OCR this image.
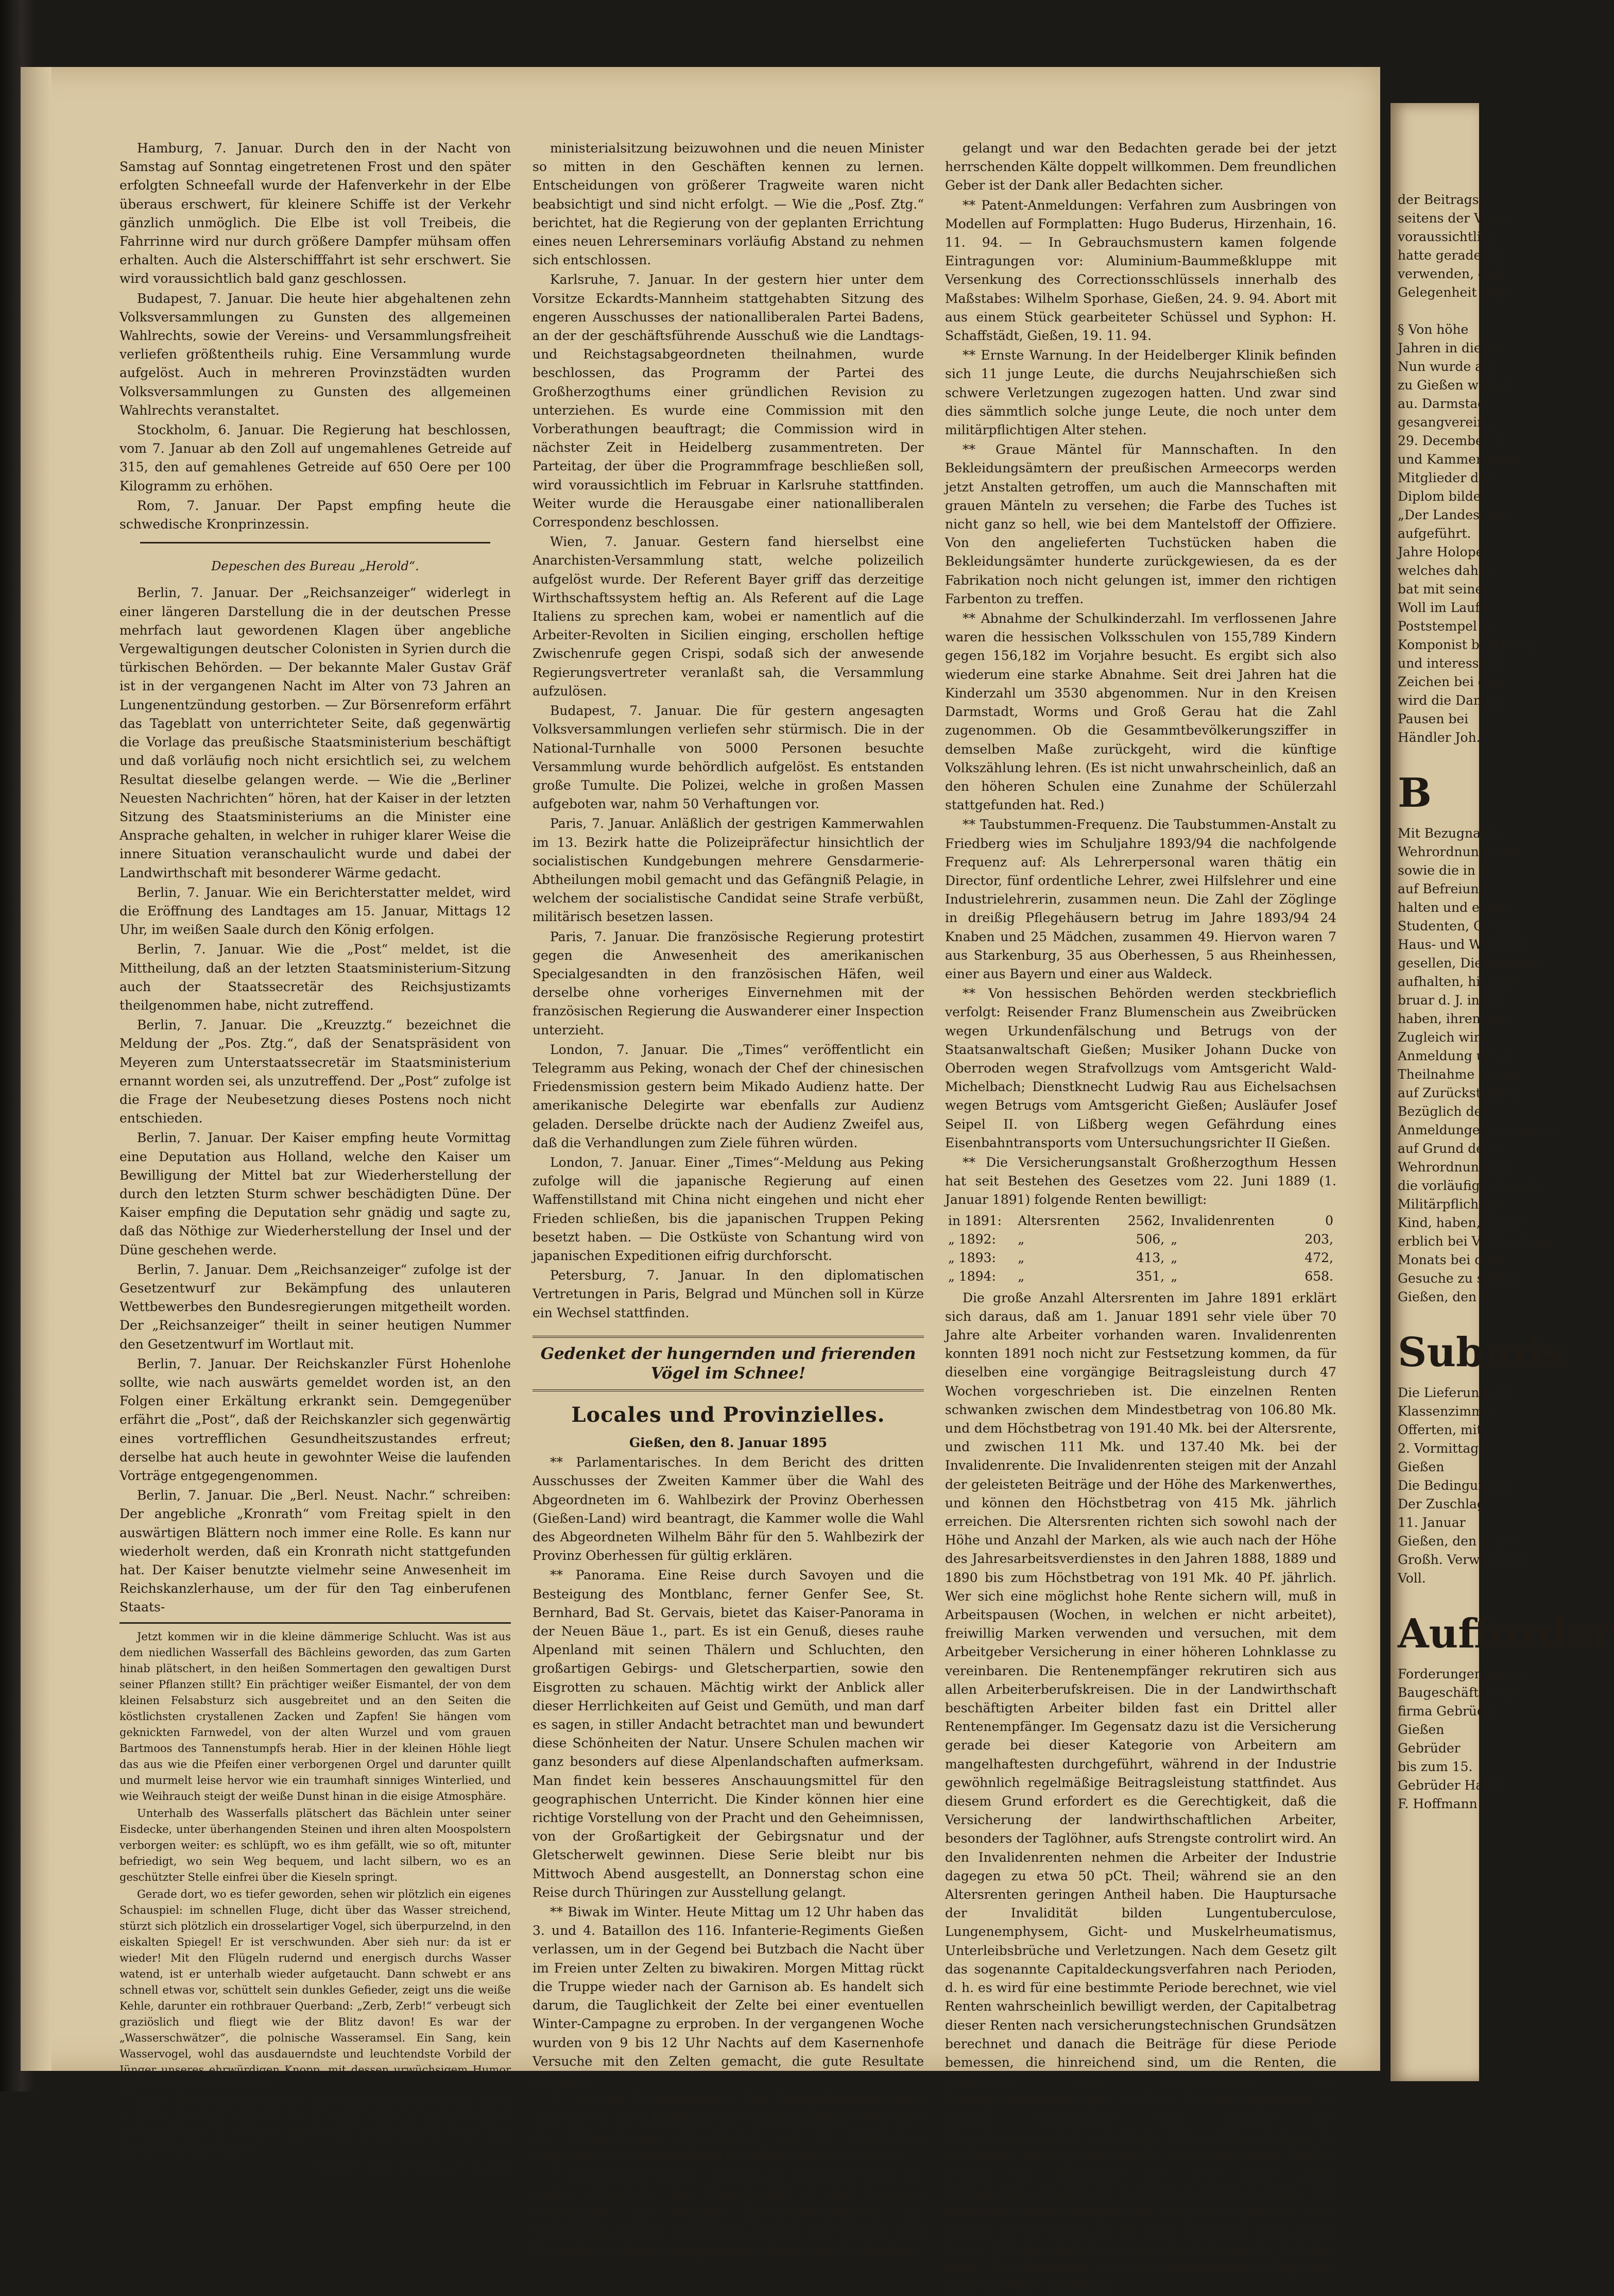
Hamburg, 7. Januar. Durch den in der Nacht von Samstag auf Sonntag eingetretenen Frost und den später erfolgten Schneefall wurde der Hafenverkehr in der Elbe überaus erschwert, für kleinere Schiffe ist der Verkehr gänzlich unmöglich. Die Elbe ist voll Treibeis, die Fahrrinne wird nur durch größere Dampfer mühsam offen erhalten. Auch die Alsterschifffahrt ist sehr erschwert. Sie wird voraussichtlich bald ganz geschlossen.

Budapest, 7. Januar. Die heute hier abgehaltenen zehn Volksversammlungen zu Gunsten des allgemeinen Wahlrechts, sowie der Vereins- und Versammlungsfreiheit verliefen größtentheils ruhig. Eine Versammlung wurde aufgelöst. Auch in mehreren Provinzstädten wurden Volksversammlungen zu Gunsten des allgemeinen Wahlrechts veranstaltet.

Stockholm, 6. Januar. Die Regierung hat beschlossen, vom 7. Januar ab den Zoll auf ungemahlenes Getreide auf 315, den auf gemahlenes Getreide auf 650 Oere per 100 Kilogramm zu erhöhen.

Rom, 7. Januar. Der Papst empfing heute die schwedische Kronprinzessin.

Depeschen des Bureau „Herold“.

Berlin, 7. Januar. Der „Reichsanzeiger“ widerlegt in einer längeren Darstellung die in der deutschen Presse mehrfach laut gewordenen Klagen über angebliche Vergewaltigungen deutscher Colonisten in Syrien durch die türkischen Behörden. — Der bekannte Maler Gustav Gräf ist in der vergangenen Nacht im Alter von 73 Jahren an Lungenentzündung gestorben. — Zur Börsenreform erfährt das Tageblatt von unterrichteter Seite, daß gegenwärtig die Vorlage das preußische Staatsministerium beschäftigt und daß vorläufig noch nicht ersichtlich sei, zu welchem Resultat dieselbe gelangen werde. — Wie die „Berliner Neuesten Nachrichten“ hören, hat der Kaiser in der letzten Sitzung des Staatsministeriums an die Minister eine Ansprache gehalten, in welcher in ruhiger klarer Weise die innere Situation veranschaulicht wurde und dabei der Landwirthschaft mit besonderer Wärme gedacht.

Berlin, 7. Januar. Wie ein Berichterstatter meldet, wird die Eröffnung des Landtages am 15. Januar, Mittags 12 Uhr, im weißen Saale durch den König erfolgen.

Berlin, 7. Januar. Wie die „Post“ meldet, ist die Mittheilung, daß an der letzten Staatsministerium-Sitzung auch der Staatssecretär des Reichsjustizamts theilgenommen habe, nicht zutreffend.

Berlin, 7. Januar. Die „Kreuzztg.“ bezeichnet die Meldung der „Pos. Ztg.“, daß der Senatspräsident von Meyeren zum Unterstaatssecretär im Staatsministerium ernannt worden sei, als unzutreffend. Der „Post“ zufolge ist die Frage der Neubesetzung dieses Postens noch nicht entschieden.

Berlin, 7. Januar. Der Kaiser empfing heute Vormittag eine Deputation aus Holland, welche den Kaiser um Bewilligung der Mittel bat zur Wiederherstellung der durch den letzten Sturm schwer beschädigten Düne. Der Kaiser empfing die Deputation sehr gnädig und sagte zu, daß das Nöthige zur Wiederherstellung der Insel und der Düne geschehen werde.

Berlin, 7. Januar. Dem „Reichsanzeiger“ zufolge ist der Gesetzentwurf zur Bekämpfung des unlauteren Wettbewerbes den Bundesregierungen mitgetheilt worden. Der „Reichsanzeiger“ theilt in seiner heutigen Nummer den Gesetzentwurf im Wortlaut mit.

Berlin, 7. Januar. Der Reichskanzler Fürst Hohenlohe sollte, wie nach auswärts gemeldet worden ist, an den Folgen einer Erkältung erkrankt sein. Demgegenüber erfährt die „Post“, daß der Reichskanzler sich gegenwärtig eines vortrefflichen Gesundheitszustandes erfreut; derselbe hat auch heute in gewohnter Weise die laufenden Vorträge entgegengenommen.

Berlin, 7. Januar. Die „Berl. Neust. Nachr.“ schreiben: Der angebliche „Kronrath“ vom Freitag spielt in den auswärtigen Blättern noch immer eine Rolle. Es kann nur wiederholt werden, daß ein Kronrath nicht stattgefunden hat. Der Kaiser benutzte vielmehr seine Anwesenheit im Reichskanzlerhause, um der für den Tag einberufenen Staats-

Jetzt kommen wir in die kleine dämmerige Schlucht. Was ist aus dem niedlichen Wasserfall des Bächleins geworden, das zum Garten hinab plätschert, in den heißen Sommertagen den gewaltigen Durst seiner Pflanzen stillt? Ein prächtiger weißer Eismantel, der von dem kleinen Felsabsturz sich ausgebreitet und an den Seiten die köstlichsten crystallenen Zacken und Zapfen! Sie hängen vom geknickten Farnwedel, von der alten Wurzel und vom grauen Bartmoos des Tannenstumpfs herab. Hier in der kleinen Höhle liegt das aus wie die Pfeifen einer verborgenen Orgel und darunter quillt und murmelt leise hervor wie ein traumhaft sinniges Winterlied, und wie Weihrauch steigt der weiße Dunst hinan in die eisige Atmosphäre.

Unterhalb des Wasserfalls plätschert das Bächlein unter seiner Eisdecke, unter überhangenden Steinen und ihren alten Moospolstern verborgen weiter: es schlüpft, wo es ihm gefällt, wie so oft, mitunter befriedigt, wo sein Weg bequem, und lacht silbern, wo es an geschützter Stelle einfrei über die Kieseln springt.

Gerade dort, wo es tiefer geworden, sehen wir plötzlich ein eigenes Schauspiel: im schnellen Fluge, dicht über das Wasser streichend, stürzt sich plötzlich ein drosselartiger Vogel, sich überpurzelnd, in den eiskalten Spiegel! Er ist verschwunden. Aber sieh nur: da ist er wieder! Mit den Flügeln rudernd und energisch durchs Wasser watend, ist er unterhalb wieder aufgetaucht. Dann schwebt er ans schnell etwas vor, schüttelt sein dunkles Gefieder, zeigt uns die weiße Kehle, darunter ein rothbrauer Querband: „Zerb, Zerb!“ verbeugt sich graziöslich und fliegt wie der Blitz davon! Es war der „Wasserschwätzer“, die polnische Wasseramsel. Ein Sang, kein Wasservogel, wohl das ausdauerndste und leuchtendste Vorbild der Jünger unseres ehrwürdigen Knopp, mit dessen urwüchsigem Humor auch er begnadet erscheint.

Bald wird die Wasseramsel uns ihr Liedchen den Bach herab in den Garten schmettern: rüstet Euch zu neuem Thun, ja neuen Freuden! Der Hartmond hat vollendet, die Herolde neuen Werdens reiten bald durch Hecke und Busch!

Heinrich Frhr. Schilling v. Canstatt.

ministerialsitzung beizuwohnen und die neuen Minister so mitten in den Geschäften kennen zu lernen. Entscheidungen von größerer Tragweite waren nicht beabsichtigt und sind nicht erfolgt. — Wie die „Posf. Ztg.“ berichtet, hat die Regierung von der geplanten Errichtung eines neuen Lehrerseminars vorläufig Abstand zu nehmen sich entschlossen.

Karlsruhe, 7. Januar. In der gestern hier unter dem Vorsitze Eckardts-Mannheim stattgehabten Sitzung des engeren Ausschusses der nationalliberalen Partei Badens, an der der geschäftsführende Ausschuß wie die Landtags- und Reichstagsabgeordneten theilnahmen, wurde beschlossen, das Programm der Partei des Großherzogthums einer gründlichen Revision zu unterziehen. Es wurde eine Commission mit den Vorberathungen beauftragt; die Commission wird in nächster Zeit in Heidelberg zusammentreten. Der Parteitag, der über die Programmfrage beschließen soll, wird voraussichtlich im Februar in Karlsruhe stattfinden. Weiter wurde die Herausgabe einer nationalliberalen Correspondenz beschlossen.

Wien, 7. Januar. Gestern fand hierselbst eine Anarchisten-Versammlung statt, welche polizeilich aufgelöst wurde. Der Referent Bayer griff das derzeitige Wirthschaftssystem heftig an. Als Referent auf die Lage Italiens zu sprechen kam, wobei er namentlich auf die Arbeiter-Revolten in Sicilien einging, erschollen heftige Zwischenrufe gegen Crispi, sodaß sich der anwesende Regierungsvertreter veranlaßt sah, die Versammlung aufzulösen.

Budapest, 7. Januar. Die für gestern angesagten Volksversammlungen verliefen sehr stürmisch. Die in der National-Turnhalle von 5000 Personen besuchte Versammlung wurde behördlich aufgelöst. Es entstanden große Tumulte. Die Polizei, welche in großen Massen aufgeboten war, nahm 50 Verhaftungen vor.

Paris, 7. Januar. Anläßlich der gestrigen Kammerwahlen im 13. Bezirk hatte die Polizeipräfectur hinsichtlich der socialistischen Kundgebungen mehrere Gensdarmerie-Abtheilungen mobil gemacht und das Gefängniß Pelagie, in welchem der socialistische Candidat seine Strafe verbüßt, militärisch besetzen lassen.

Paris, 7. Januar. Die französische Regierung protestirt gegen die Anwesenheit des amerikanischen Specialgesandten in den französischen Häfen, weil derselbe ohne vorheriges Einvernehmen mit der französischen Regierung die Auswanderer einer Inspection unterzieht.

London, 7. Januar. Die „Times“ veröffentlicht ein Telegramm aus Peking, wonach der Chef der chinesischen Friedensmission gestern beim Mikado Audienz hatte. Der amerikanische Delegirte war ebenfalls zur Audienz geladen. Derselbe drückte nach der Audienz Zweifel aus, daß die Verhandlungen zum Ziele führen würden.

London, 7. Januar. Einer „Times“-Meldung aus Peking zufolge will die japanische Regierung auf einen Waffenstillstand mit China nicht eingehen und nicht eher Frieden schließen, bis die japanischen Truppen Peking besetzt haben. — Die Ostküste von Schantung wird von japanischen Expeditionen eifrig durchforscht.

Petersburg, 7. Januar. In den diplomatischen Vertretungen in Paris, Belgrad und München soll in Kürze ein Wechsel stattfinden.

Gedenket der hungernden und frierenden Vögel im Schnee!
Locales und Provinzielles.

Gießen, den 8. Januar 1895

** Parlamentarisches. In dem Bericht des dritten Ausschusses der Zweiten Kammer über die Wahl des Abgeordneten im 6. Wahlbezirk der Provinz Oberhessen (Gießen-Land) wird beantragt, die Kammer wolle die Wahl des Abgeordneten Wilhelm Bähr für den 5. Wahlbezirk der Provinz Oberhessen für gültig erklären.

** Panorama. Eine Reise durch Savoyen und die Besteigung des Montblanc, ferner Genfer See, St. Bernhard, Bad St. Gervais, bietet das Kaiser-Panorama in der Neuen Bäue 1., part. Es ist ein Genuß, dieses rauhe Alpenland mit seinen Thälern und Schluchten, den großartigen Gebirgs- und Gletscherpartien, sowie den Eisgrotten zu schauen. Mächtig wirkt der Anblick aller dieser Herrlichkeiten auf Geist und Gemüth, und man darf es sagen, in stiller Andacht betrachtet man und bewundert diese Schönheiten der Natur. Unsere Schulen machen wir ganz besonders auf diese Alpenlandschaften aufmerksam. Man findet kein besseres Anschauungsmittel für den geographischen Unterricht. Die Kinder können hier eine richtige Vorstellung von der Pracht und den Geheimnissen, von der Großartigkeit der Gebirgsnatur und der Gletscherwelt gewinnen. Diese Serie bleibt nur bis Mittwoch Abend ausgestellt, an Donnerstag schon eine Reise durch Thüringen zur Ausstellung gelangt.

** Biwak im Winter. Heute Mittag um 12 Uhr haben das 3. und 4. Bataillon des 116. Infanterie-Regiments Gießen verlassen, um in der Gegend bei Butzbach die Nacht über im Freien unter Zelten zu biwakiren. Morgen Mittag rückt die Truppe wieder nach der Garnison ab. Es handelt sich darum, die Tauglichkeit der Zelte bei einer eventuellen Winter-Campagne zu erproben. In der vergangenen Woche wurden von 9 bis 12 Uhr Nachts auf dem Kasernenhofe Versuche mit den Zelten gemacht, die gute Resultate zeitigten.

** In den Landesverband der Kriegerkameradschaft „Hassia“ ist nach Erfüllung der satzungsmäßigen Pflichten der Kriegerverein Alten-Buseck mit 55 Mitgliedern aufgenommen und dem Bezirk Gießen zugetheilt worden.

** Zeitgemäße Spende. Seitens des Herrn Directors der Grube „Friedrich“ bei Trais-Horloff ist dem hiesigen Armenamte ein Waggon Braunkohlenbriketts zur Vertheilung an Arme überlassen worden. Die Gabe ist dem Wunsche des Gebers entsprechend bereits zur Vertheilung

gelangt und war den Bedachten gerade bei der jetzt herrschenden Kälte doppelt willkommen. Dem freundlichen Geber ist der Dank aller Bedachten sicher.

** Patent-Anmeldungen: Verfahren zum Ausbringen von Modellen auf Formplatten: Hugo Buderus, Hirzenhain, 16. 11. 94. — In Gebrauchsmustern kamen folgende Eintragungen vor: Aluminium-Baummeßkluppe mit Versenkung des Correctionsschlüssels innerhalb des Maßstabes: Wilhelm Sporhase, Gießen, 24. 9. 94. Abort mit aus einem Stück gearbeiteter Schüssel und Syphon: H. Schaffstädt, Gießen, 19. 11. 94.

** Ernste Warnung. In der Heidelberger Klinik befinden sich 11 junge Leute, die durchs Neujahrschießen sich schwere Verletzungen zugezogen hatten. Und zwar sind dies sämmtlich solche junge Leute, die noch unter dem militärpflichtigen Alter stehen.

** Graue Mäntel für Mannschaften. In den Bekleidungsämtern der preußischen Armeecorps werden jetzt Anstalten getroffen, um auch die Mannschaften mit grauen Mänteln zu versehen; die Farbe des Tuches ist nicht ganz so hell, wie bei dem Mantelstoff der Offiziere. Von den angelieferten Tuchstücken haben die Bekleidungsämter hunderte zurückgewiesen, da es der Fabrikation noch nicht gelungen ist, immer den richtigen Farbenton zu treffen.

** Abnahme der Schulkinderzahl. Im verflossenen Jahre waren die hessischen Volksschulen von 155,789 Kindern gegen 156,182 im Vorjahre besucht. Es ergibt sich also wiederum eine starke Abnahme. Seit drei Jahren hat die Kinderzahl um 3530 abgenommen. Nur in den Kreisen Darmstadt, Worms und Groß Gerau hat die Zahl zugenommen. Ob die Gesammtbevölkerungsziffer in demselben Maße zurückgeht, wird die künftige Volkszählung lehren. (Es ist nicht unwahrscheinlich, daß an den höheren Schulen eine Zunahme der Schülerzahl stattgefunden hat. Red.)

** Taubstummen-Frequenz. Die Taubstummen-Anstalt zu Friedberg wies im Schuljahre 1893/94 die nachfolgende Frequenz auf: Als Lehrerpersonal waren thätig ein Director, fünf ordentliche Lehrer, zwei Hilfslehrer und eine Industrielehrerin, zusammen neun. Die Zahl der Zöglinge in dreißig Pflegehäusern betrug im Jahre 1893/94 24 Knaben und 25 Mädchen, zusammen 49. Hiervon waren 7 aus Starkenburg, 35 aus Oberhessen, 5 aus Rheinhessen, einer aus Bayern und einer aus Waldeck.

** Von hessischen Behörden werden steckbrieflich verfolgt: Reisender Franz Blumenschein aus Zweibrücken wegen Urkundenfälschung und Betrugs von der Staatsanwaltschaft Gießen; Musiker Johann Ducke von Oberroden wegen Strafvollzugs vom Amtsgericht Wald-Michelbach; Dienstknecht Ludwig Rau aus Eichelsachsen wegen Betrugs vom Amtsgericht Gießen; Ausläufer Josef Seipel II. von Lißberg wegen Gefährdung eines Eisenbahntransports vom Untersuchungsrichter II Gießen.

** Die Versicherungsanstalt Großherzogthum Hessen hat seit Bestehen des Gesetzes vom 22. Juni 1889 (1. Januar 1891) folgende Renten bewilligt:

in 1891:	Altersrenten	2562,	Invalidenrenten	0
„ 1892:	„	506,	„	203,
„ 1893:	„	413,	„	472,
„ 1894:	„	351,	„	658.

Die große Anzahl Altersrenten im Jahre 1891 erklärt sich daraus, daß am 1. Januar 1891 sehr viele über 70 Jahre alte Arbeiter vorhanden waren. Invalidenrenten konnten 1891 noch nicht zur Festsetzung kommen, da für dieselben eine vorgängige Beitragsleistung durch 47 Wochen vorgeschrieben ist. Die einzelnen Renten schwanken zwischen dem Mindestbetrag von 106.80 Mk. und dem Höchstbetrag von 191.40 Mk. bei der Altersrente, und zwischen 111 Mk. und 137.40 Mk. bei der Invalidenrente. Die Invalidenrenten steigen mit der Anzahl der geleisteten Beiträge und der Höhe des Markenwerthes, und können den Höchstbetrag von 415 Mk. jährlich erreichen. Die Altersrenten richten sich sowohl nach der Höhe und Anzahl der Marken, als wie auch nach der Höhe des Jahresarbeitsverdienstes in den Jahren 1888, 1889 und 1890 bis zum Höchstbetrag von 191 Mk. 40 Pf. jährlich. Wer sich eine möglichst hohe Rente sichern will, muß in Arbeitspausen (Wochen, in welchen er nicht arbeitet), freiwillig Marken verwenden und versuchen, mit dem Arbeitgeber Versicherung in einer höheren Lohnklasse zu vereinbaren. Die Rentenempfänger rekrutiren sich aus allen Arbeiterberufskreisen. Die in der Landwirthschaft beschäftigten Arbeiter bilden fast ein Drittel aller Rentenempfänger. Im Gegensatz dazu ist die Versicherung gerade bei dieser Kategorie von Arbeitern am mangelhaftesten durchgeführt, während in der Industrie gewöhnlich regelmäßige Beitragsleistung stattfindet. Aus diesem Grund erfordert es die Gerechtigkeit, daß die Versicherung der landwirthschaftlichen Arbeiter, besonders der Taglöhner, aufs Strengste controlirt wird. An den Invalidenrenten nehmen die Arbeiter der Industrie dagegen zu etwa 50 pCt. Theil; während sie an den Altersrenten geringen Antheil haben. Die Hauptursache der Invalidität bilden Lungentuberculose, Lungenemphysem, Gicht- und Muskelrheumatismus, Unterleibsbrüche und Verletzungen. Nach dem Gesetz gilt das sogenannte Capitaldeckungsverfahren nach Perioden, d. h. es wird für eine bestimmte Periode berechnet, wie viel Renten wahrscheinlich bewilligt werden, der Capitalbetrag dieser Renten nach versicherungstechnischen Grundsätzen berechnet und danach die Beiträge für diese Periode bemessen, die hinreichend sind, um die Renten, die Rücklagen zum Reservefonds, die Beitragsrückerstattungen und die Verwaltungskosten zu decken. Naturgemäß muß Anfangs die Versicherungsanstalt erhebliche Ueberschüsse haben, da die Renten niedrig sind und die Anzahl derselben jährlich gering ist, außerdem bis jetzt noch keine Beitragsrückerstattungen vorkommen konnten. Höhe und Anzahl der Renten steigen aber von Jahr zu Jahr. Die erste Periode ist im Gesetz auf 10 Jahre bestimmt. Nach Ablauf dieser 10 Jahre findet eine neue Festsetzung der Beiträge statt. Mit Rücksicht auf die angesammelten Capitalien kann von einer Erhöhung

der Beitrags-
seitens der Versi-
voraussichtlich
hatte gerade zu
verwenden, daß
Gelegenheit gebe

§ Von höhe
Jahren in dieser
Nun wurde auf
zu Gießen wohnh.
au. Darmstadt
gesangverein „
29. December 1
und Kammermusik
Mitglieder des
Diplom bildet
„Der Landesrath
aufgeführt.
Jahre Holoper,
welches daher
bat mit seiner
Woll im Laufe
Poststempel zu
Komponist bearbeitet
und interessant.
Zeichen bei den
wird die Damen
Pausen bei
Händler Joh.
B
Mit Bezugnahme
Wehrordnung wird
sowie die in fr
auf Befreiung
halten und entwe
Studenten, Gymna
Haus- und Wirthsch
gesellen, Dienstboten
aufhalten, hiermit
bruar d. J. in der
haben, ihren Loo
Zugleich wird
Anmeldung unterl
Theilnahme an der
auf Zurückstellung
Bezüglich der
Anmeldungen vorgeschr
auf Grund des §
Wehrordnung bei
die vorläufige Gesuch
Militärpflichtige
Kind, haben, sofern
erblich bei Vermeidung
Monats bei dem
Gesuche zu stellen.
Gießen, den 6.
Submis
Die Lieferung des
Klassenzimmer
Offerten, mit
2. Vormittags
Gießen
Die Bedingungen
Der Zuschlag
11. Januar
Gießen, den 8. Jan
Großh. Verwaltungs
Voll.
Aufforder
Forderungen an die
Baugeschäftsfirma
firma Gebrüder
Gießen
Gebrüder
bis zum 15.
Gebrüder Haupt
F. Hoffmann
